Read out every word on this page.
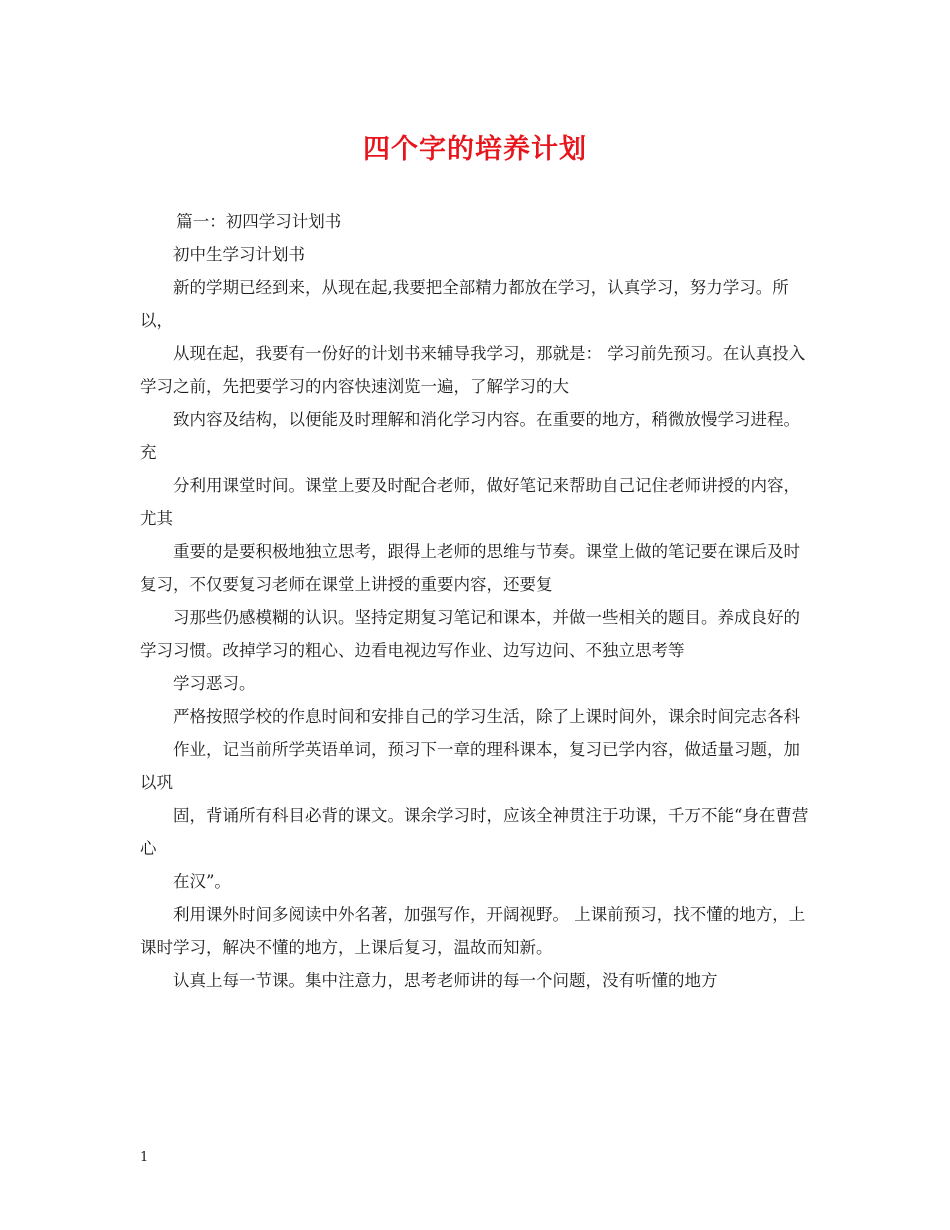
四个字的培养计划

篇一：初四学习计划书

初中生学习计划书

新的学期已经到来，从现在起,我要把全部精力都放在学习，认真学习，努力学习。所以，

从现在起，我要有一份好的计划书来辅导我学习，那就是： 学习前先预习。在认真投入学习之前，先把要学习的内容快速浏览一遍，了解学习的大

致内容及结构，以便能及时理解和消化学习内容。在重要的地方，稍微放慢学习进程。充

分利用课堂时间。课堂上要及时配合老师，做好笔记来帮助自己记住老师讲授的内容，尤其

重要的是要积极地独立思考，跟得上老师的思维与节奏。课堂上做的笔记要在课后及时复习，不仅要复习老师在课堂上讲授的重要内容，还要复

习那些仍感模糊的认识。坚持定期复习笔记和课本，并做一些相关的题目。养成良好的学习习惯。改掉学习的粗心、边看电视边写作业、边写边问、不独立思考等

学习恶习。

严格按照学校的作息时间和安排自己的学习生活，除了上课时间外，课余时间完志各科

作业，记当前所学英语单词，预习下一章的理科课本，复习已学内容，做适量习题，加以巩

固，背诵所有科目必背的课文。课余学习时，应该全神贯注于功课，千万不能“身在曹营心

在汉”。

利用课外时间多阅读中外名著，加强写作，开阔视野。 上课前预习，找不懂的地方，上课时学习，解决不懂的地方，上课后复习，温故而知新。

认真上每一节课。集中注意力，思考老师讲的每一个问题，没有听懂的地方

1
